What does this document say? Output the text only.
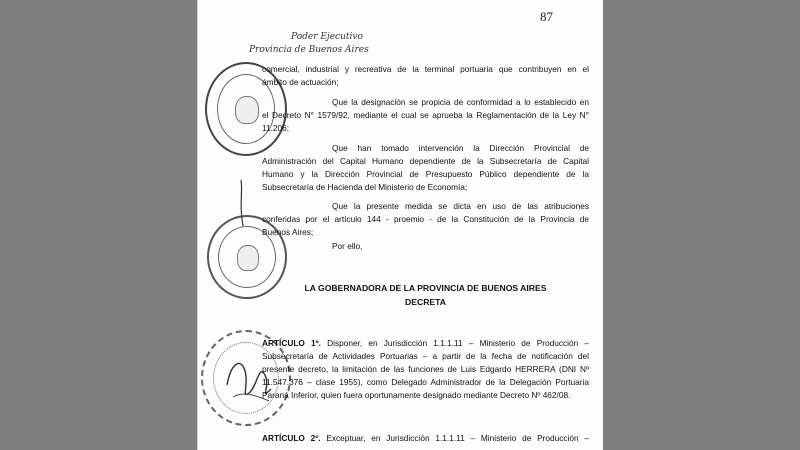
87
Poder Ejecutivo
Provincia de Buenos Aires
comercial, industrial y recreativa de la terminal portuaria que contribuyen en el
ámbito de actuación;
Que la designación se propicia de conformidad a lo establecido en
el Decreto N° 1579/92, mediante el cual se aprueba la Reglamentación de la Ley N°
11.206;
Que han tomado intervención la Dirección Provincial de
Administración del Capital Humano dependiente de la Subsecretaría de Capital
Humano y la Dirección Provincial de Presupuesto Público dependiente de la
Subsecretaría de Hacienda del Ministerio de Economía;
Que la presente medida se dicta en uso de las atribuciones
conferidas por el artículo 144 - proemio - de la Constitución de la Provincia de
Buenos Aires;
Por ello,
LA GOBERNADORA DE LA PROVINCIA DE BUENOS AIRES
DECRETA
ARTÍCULO 1º. Disponer, en Jurisdicción 1.1.1.11 – Ministerio de Producción –
Subsecretaría de Actividades Portuarias – a partir de la fecha de notificación del
presente decreto, la limitación de las funciones de Luis Edgardo HERRERA (DNI Nº
11.547.376 – clase 1955), como Delegado Administrador de la Delegación Portuaria
Paraná Inferior, quien fuera oportunamente designado mediante Decreto Nº 462/08.
ARTÍCULO 2º. Exceptuar, en Jurisdicción 1.1.1.11 – Ministerio de Producción –
